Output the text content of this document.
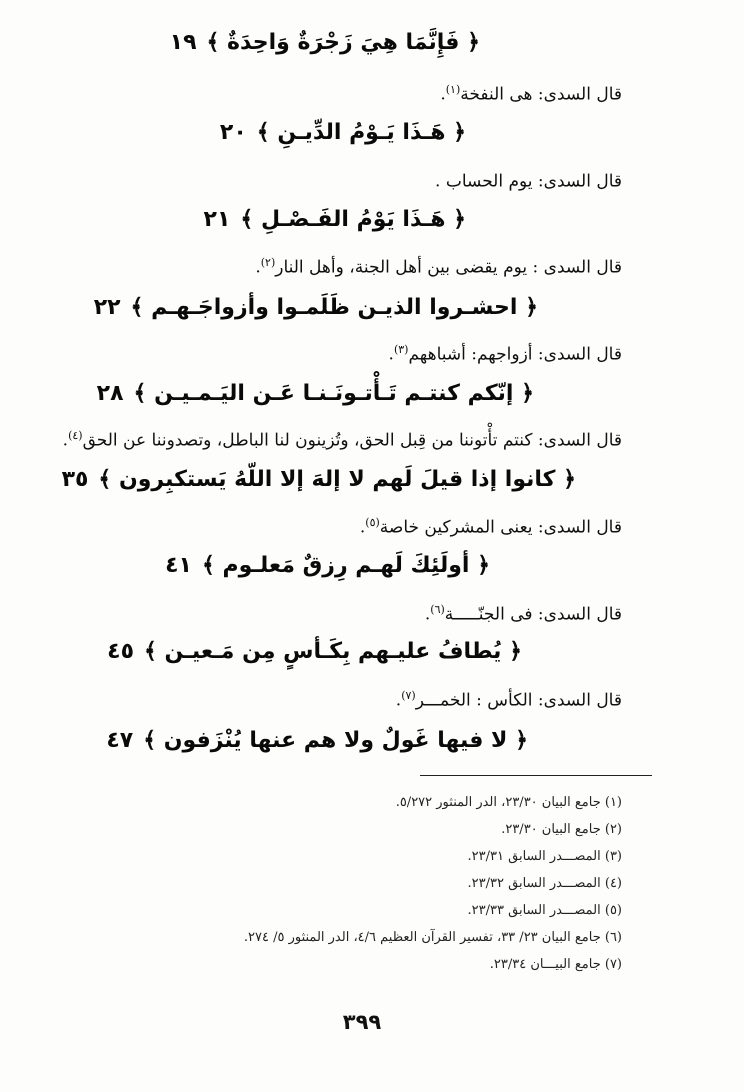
﴿ فَإِنَّمَا هِيَ زَجْرَةٌ وَاحِدَةٌ ﴾١٩
قال السدى: هى النفخة$^{(١)}$.
﴿ هَـذَا يَـوْمُ الدِّيـنِ ﴾٢٠
قال السدى: يوم الحساب .
﴿ هَـذَا يَوْمُ الفَـصْـلِ ﴾٢١
قال السدى : يوم يقضى بين أهل الجنة، وأهل النار$^{(٢)}$.
﴿ احشـروا الذيـن ظَلَمـوا وأزواجَـهـم ﴾٢٢
قال السدى: أزواجهم: أشباههم$^{(٣)}$.
﴿ إنّكم كنتـم تَـأْتـونَـنـا عَـن اليَـمـيـن ﴾٢٨
قال السدى: كنتم تأْتوننا من قِبل الحق، وتُزينون لنا الباطل، وتصدوننا عن الحق$^{(٤)}$.
﴿ كانوا إذا قيلَ لَهم لا إلهَ إلا اللّهُ يَستكبِرون ﴾٣٥
قال السدى: يعنى المشركين خاصة$^{(٥)}$.
﴿ أولَئِكَ لَهـم رِزقٌ مَعلـوم ﴾٤١
قال السدى: فى الجنّـــــة$^{(٦)}$.
﴿ يُطافُ عليـهم بِكَـأسٍ مِن مَـعيـن ﴾٤٥
قال السدى: الكأس : الخمـــر$^{(٧)}$.
﴿ لا فيها غَولٌ ولا هم عنها يُنْزَفون ﴾٤٧
(١) جامع البيان ٢٣/٣٠، الدر المنثور ٥/٢٧٢.
(٢) جامع البيان ٢٣/٣٠.
(٣) المصـــدر السابق ٢٣/٣١.
(٤) المصـــدر السابق ٢٣/٣٢.
(٥) المصـــدر السابق ٢٣/٣٣.
(٦) جامع البيان ٢٣/ ٣٣، تفسير القرآن العظيم ٤/٦، الدر المنثور ٥/ ٢٧٤.
(٧) جامع البيـــان ٢٣/٣٤.
٣٩٩
